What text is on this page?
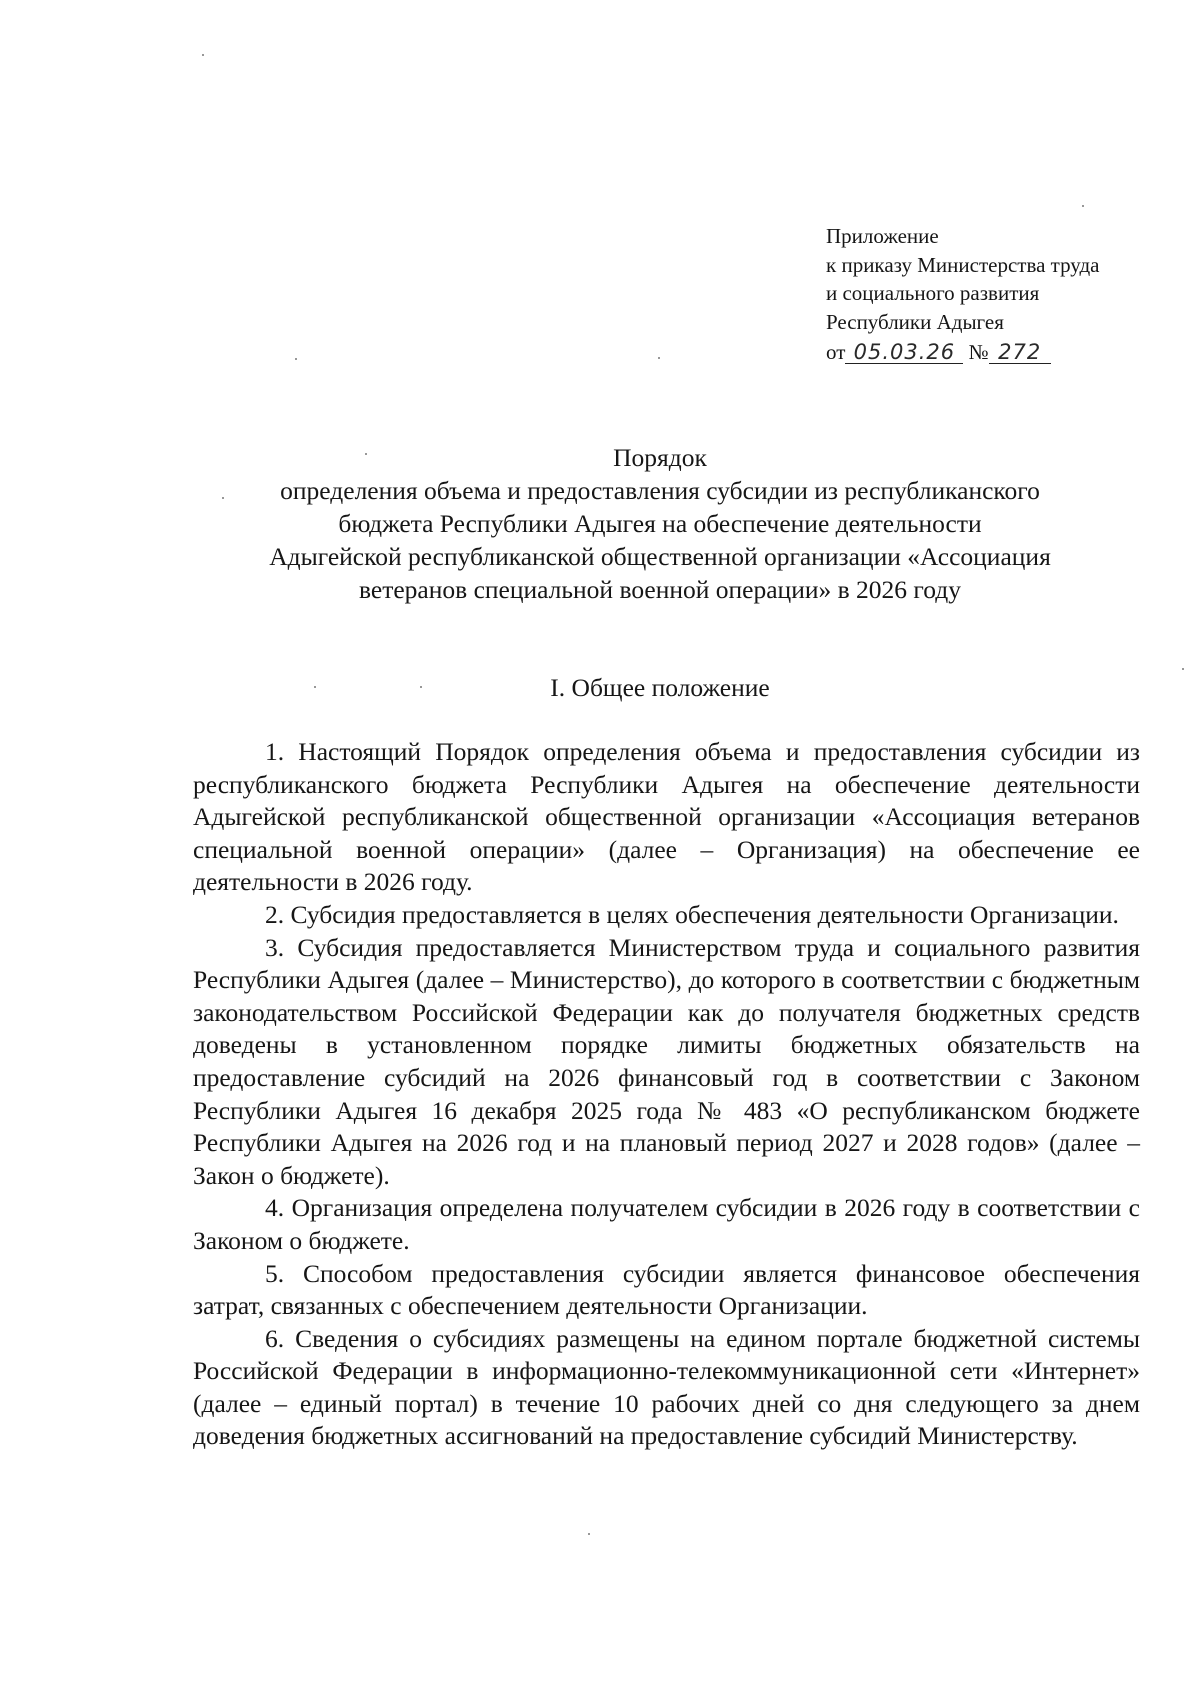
Приложение
к приказу Министерства труда
и социального развития
Республики Адыгея
от 05.03.26 № 272
Порядок
определения объема и предоставления субсидии из республиканского
бюджета Республики Адыгея на обеспечение деятельности
Адыгейской республиканской общественной организации «Ассоциация
ветеранов специальной военной операции» в 2026 году
I. Общее положение

1. Настоящий Порядок определения объема и предоставления субсидии из республиканского бюджета Республики Адыгея на обеспечение деятельности Адыгейской республиканской общественной организации «Ассоциация ветеранов специальной военной операции» (далее – Организация) на обеспечение ее деятельности в 2026 году.

2. Субсидия предоставляется в целях обеспечения деятельности Организации.

3. Субсидия предоставляется Министерством труда и социального развития Республики Адыгея (далее – Министерство), до которого в соответствии с бюджетным законодательством Российской Федерации как до получателя бюджетных средств доведены в установленном порядке лимиты бюджетных обязательств на предоставление субсидий на 2026 финансовый год в соответствии с Законом Республики Адыгея 16 декабря 2025 года № 483 «О республиканском бюджете Республики Адыгея на 2026 год и на плановый период 2027 и 2028 годов» (далее – Закон о бюджете).

4. Организация определена получателем субсидии в 2026 году в соответствии с Законом о бюджете.

5. Способом предоставления субсидии является финансовое обеспечения затрат, связанных с обеспечением деятельности Организации.

6. Сведения о субсидиях размещены на едином портале бюджетной системы Российской Федерации в информационно-телекоммуникационной сети «Интернет» (далее – единый портал) в течение 10 рабочих дней со дня следующего за днем доведения бюджетных ассигнований на предоставление субсидий Министерству.
